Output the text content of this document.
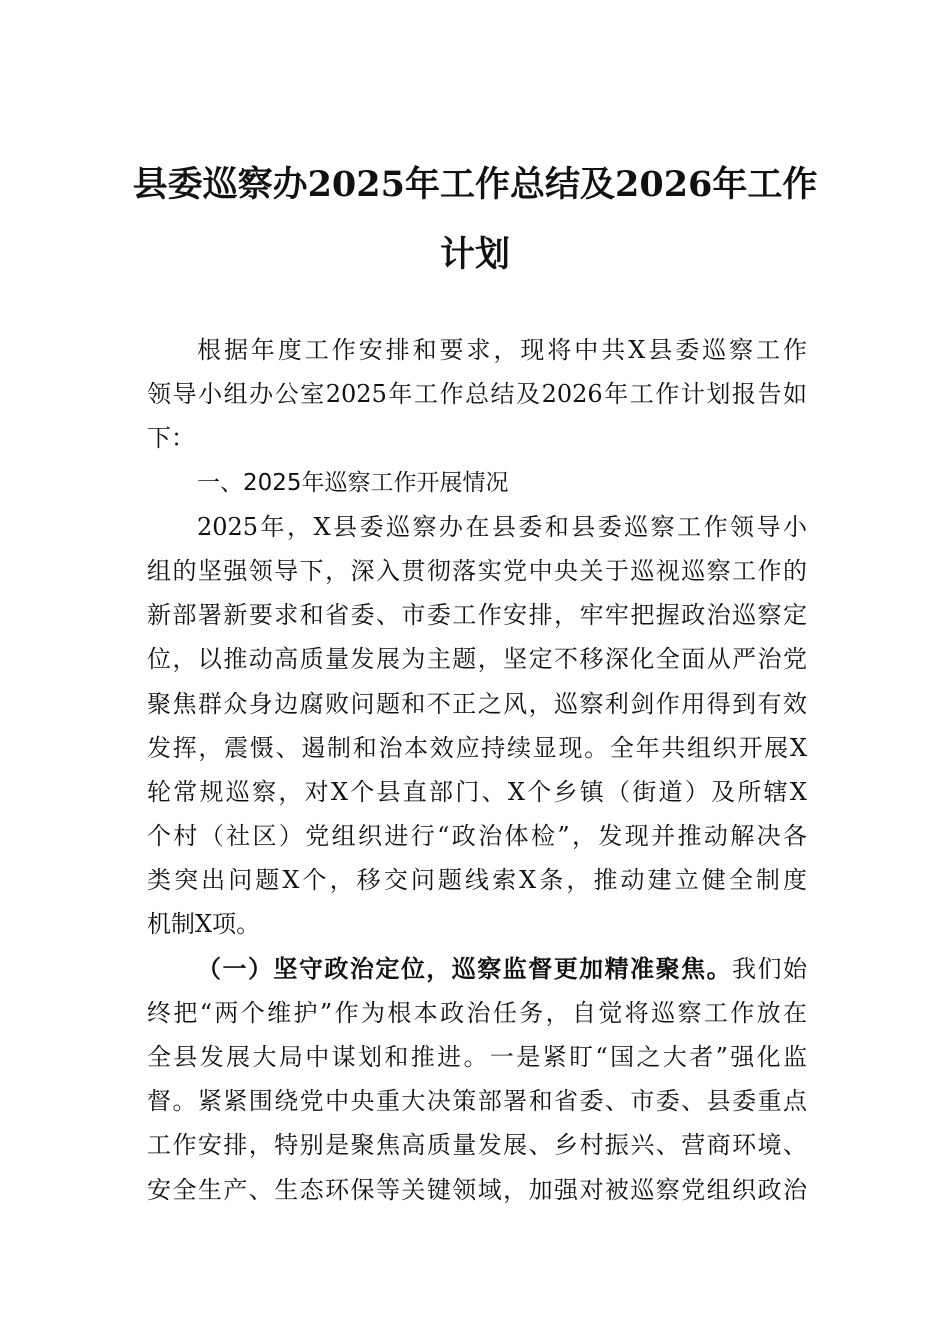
县委巡察办2025年工作总结及2026年工作
计划
根据年度工作安排和要求，现将中共X县委巡察工作
领导小组办公室2025年工作总结及2026年工作计划报告如
下：
一、2025年巡察工作开展情况
2025年，X县委巡察办在县委和县委巡察工作领导小
组的坚强领导下，深入贯彻落实党中央关于巡视巡察工作的
新部署新要求和省委、市委工作安排，牢牢把握政治巡察定
位，以推动高质量发展为主题，坚定不移深化全面从严治党
聚焦群众身边腐败问题和不正之风，巡察利剑作用得到有效
发挥，震慑、遏制和治本效应持续显现。全年共组织开展X
轮常规巡察，对X个县直部门、X个乡镇（街道）及所辖X
个村（社区）党组织进行“政治体检”，发现并推动解决各
类突出问题X个，移交问题线索X条，推动建立健全制度
机制X项。
（一）坚守政治定位，巡察监督更加精准聚焦。我们始
终把“两个维护”作为根本政治任务，自觉将巡察工作放在
全县发展大局中谋划和推进。一是紧盯“国之大者”强化监
督。紧紧围绕党中央重大决策部署和省委、市委、县委重点
工作安排，特别是聚焦高质量发展、乡村振兴、营商环境、
安全生产、生态环保等关键领域，加强对被巡察党组织政治
